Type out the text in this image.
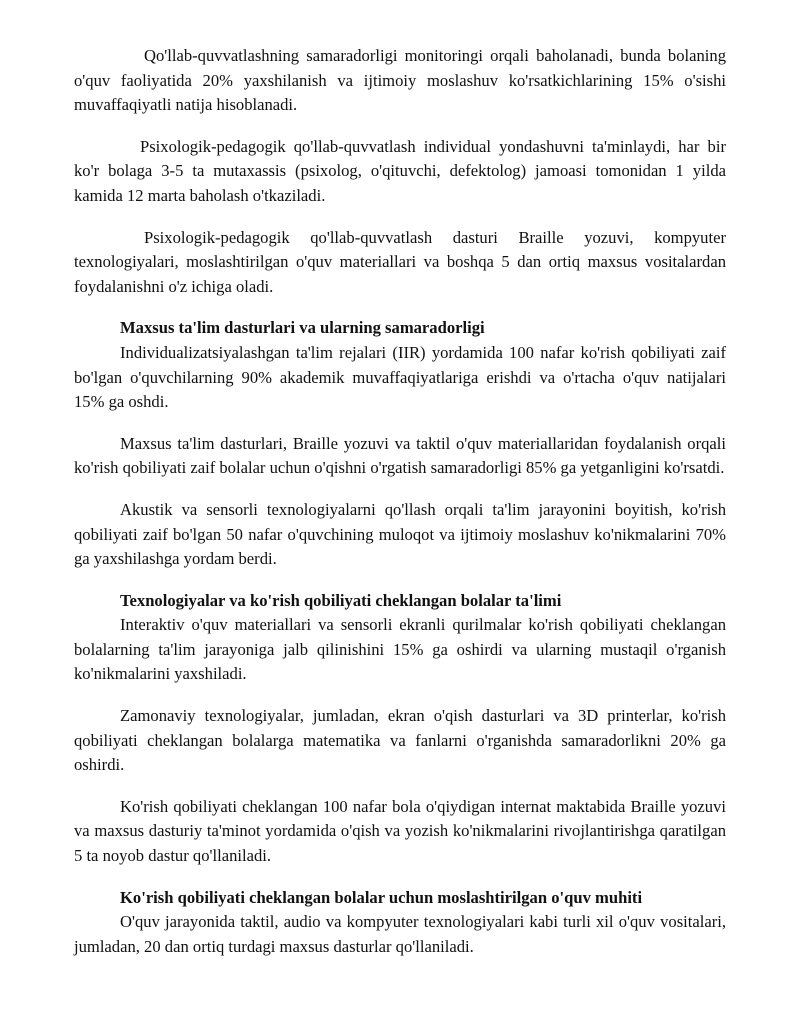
Qo'llab-quvvatlashning samaradorligi monitoringi orqali baholanadi, bunda bolaning o'quv faoliyatida 20% yaxshilanish va ijtimoiy moslashuv ko'rsatkichlarining 15% o'sishi muvaffaqiyatli natija hisoblanadi.

Psixologik-pedagogik qo'llab-quvvatlash individual yondashuvni ta'minlaydi, har bir ko'r bolaga 3-5 ta mutaxassis (psixolog, o'qituvchi, defektolog) jamoasi tomonidan 1 yilda kamida 12 marta baholash o'tkaziladi.

Psixologik-pedagogik qo'llab-quvvatlash dasturi Braille yozuvi, kompyuter texnologiyalari, moslashtirilgan o'quv materiallari va boshqa 5 dan ortiq maxsus vositalardan foydalanishni o'z ichiga oladi.

Maxsus ta'lim dasturlari va ularning samaradorligi

Individualizatsiyalashgan ta'lim rejalari (IIR) yordamida 100 nafar ko'rish qobiliyati zaif bo'lgan o'quvchilarning 90% akademik muvaffaqiyatlariga erishdi va o'rtacha o'quv natijalari 15% ga oshdi.

Maxsus ta'lim dasturlari, Braille yozuvi va taktil o'quv materiallaridan foydalanish orqali ko'rish qobiliyati zaif bolalar uchun o'qishni o'rgatish samaradorligi 85% ga yetganligini ko'rsatdi.

Akustik va sensorli texnologiyalarni qo'llash orqali ta'lim jarayonini boyitish, ko'rish qobiliyati zaif bo'lgan 50 nafar o'quvchining muloqot va ijtimoiy moslashuv ko'nikmalarini 70% ga yaxshilashga yordam berdi.

Texnologiyalar va ko'rish qobiliyati cheklangan bolalar ta'limi

Interaktiv o'quv materiallari va sensorli ekranli qurilmalar ko'rish qobiliyati cheklangan bolalarning ta'lim jarayoniga jalb qilinishini 15% ga oshirdi va ularning mustaqil o'rganish ko'nikmalarini yaxshiladi.

Zamonaviy texnologiyalar, jumladan, ekran o'qish dasturlari va 3D printerlar, ko'rish qobiliyati cheklangan bolalarga matematika va fanlarni o'rganishda samaradorlikni 20% ga oshirdi.

Ko'rish qobiliyati cheklangan 100 nafar bola o'qiydigan internat maktabida Braille yozuvi va maxsus dasturiy ta'minot yordamida o'qish va yozish ko'nikmalarini rivojlantirishga qaratilgan 5 ta noyob dastur qo'llaniladi.

Ko'rish qobiliyati cheklangan bolalar uchun moslashtirilgan o'quv muhiti

O'quv jarayonida taktil, audio va kompyuter texnologiyalari kabi turli xil o'quv vositalari, jumladan, 20 dan ortiq turdagi maxsus dasturlar qo'llaniladi.
